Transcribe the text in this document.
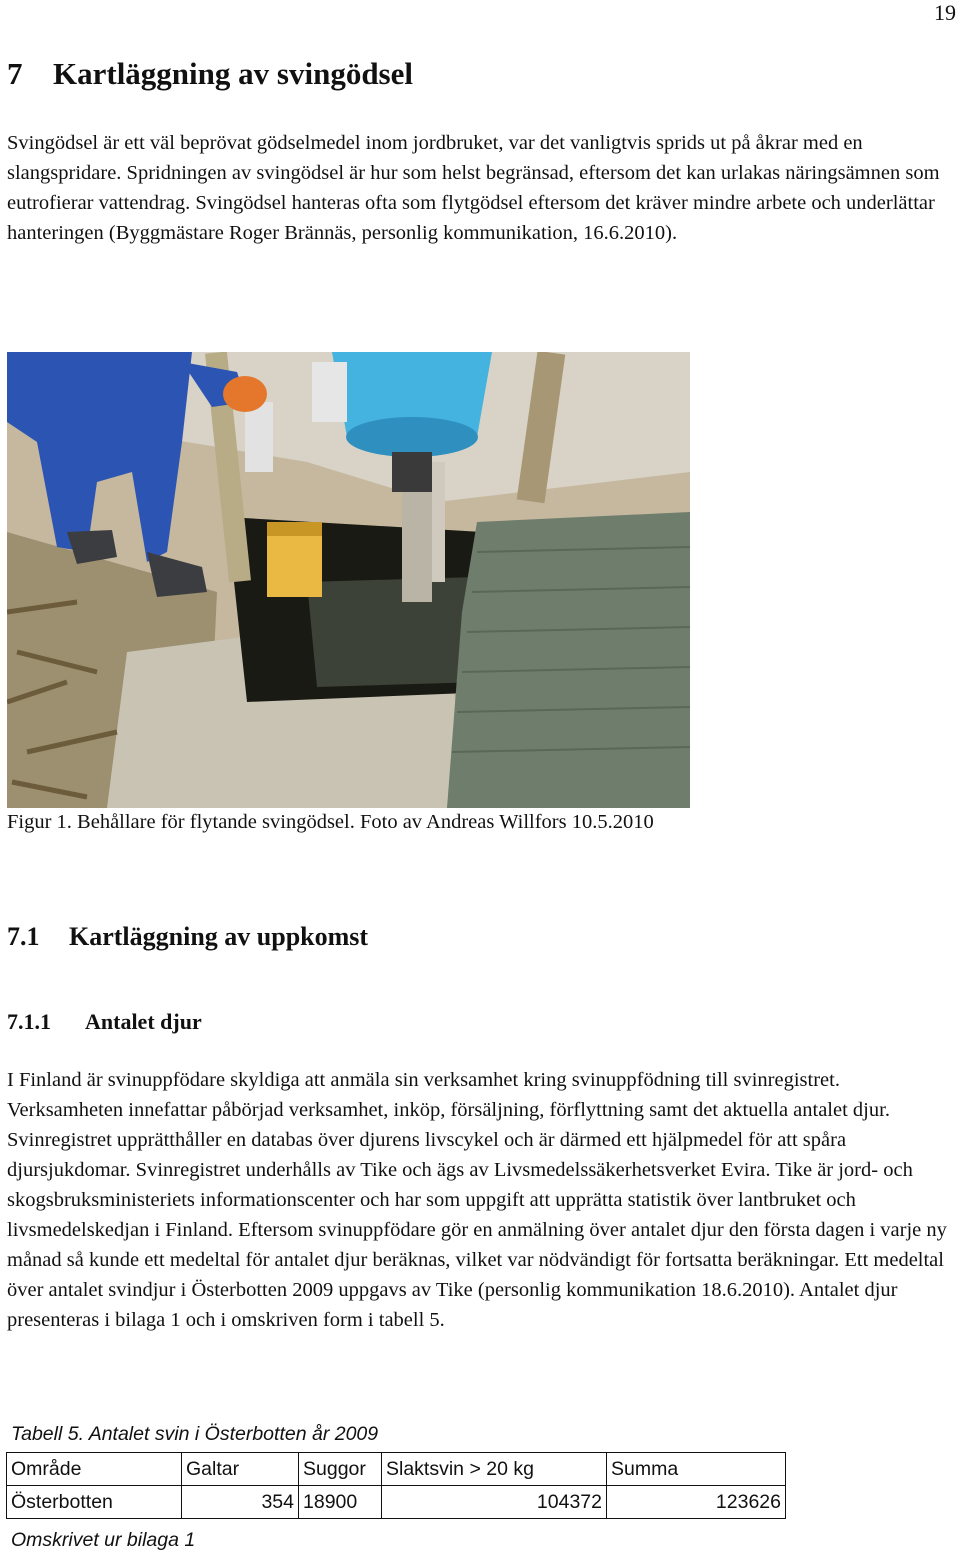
19
7 Kartläggning av svingödsel

Svingödsel är ett väl beprövat gödselmedel inom jordbruket, var det vanligtvis sprids ut på åkrar med en slangspridare. Spridningen av svingödsel är hur som helst begränsad, eftersom det kan urlakas näringsämnen som eutrofierar vattendrag. Svingödsel hanteras ofta som flytgödsel eftersom det kräver mindre arbete och underlättar hanteringen (Byggmästare Roger Brännäs, personlig kommunikation, 16.6.2010).

Figur 1. Behållare för flytande svingödsel. Foto av Andreas Willfors 10.5.2010

7.1 Kartläggning av uppkomst
7.1.1 Antalet djur

I Finland är svinuppfödare skyldiga att anmäla sin verksamhet kring svinuppfödning till svinregistret. Verksamheten innefattar påbörjad verksamhet, inköp, försäljning, förflyttning samt det aktuella antalet djur. Svinregistret upprätthåller en databas över djurens livscykel och är därmed ett hjälpmedel för att spåra djursjukdomar. Svinregistret underhålls av Tike och ägs av Livsmedelssäkerhetsverket Evira. Tike är jord- och skogsbruksministeriets informationscenter och har som uppgift att upprätta statistik över lantbruket och livsmedelskedjan i Finland. Eftersom svinuppfödare gör en anmälning över antalet djur den första dagen i varje ny månad så kunde ett medeltal för antalet djur beräknas, vilket var nödvändigt för fortsatta beräkningar. Ett medeltal över antalet svindjur i Österbotten 2009 uppgavs av Tike (personlig kommunikation 18.6.2010). Antalet djur presenteras i bilaga 1 och i omskriven form i tabell 5.

Tabell 5. Antalet svin i Österbotten år 2009
Område	Galtar	Suggor	Slaktsvin > 20 kg	Summa
Österbotten	354	18900	104372	123626
Omskrivet ur bilaga 1
